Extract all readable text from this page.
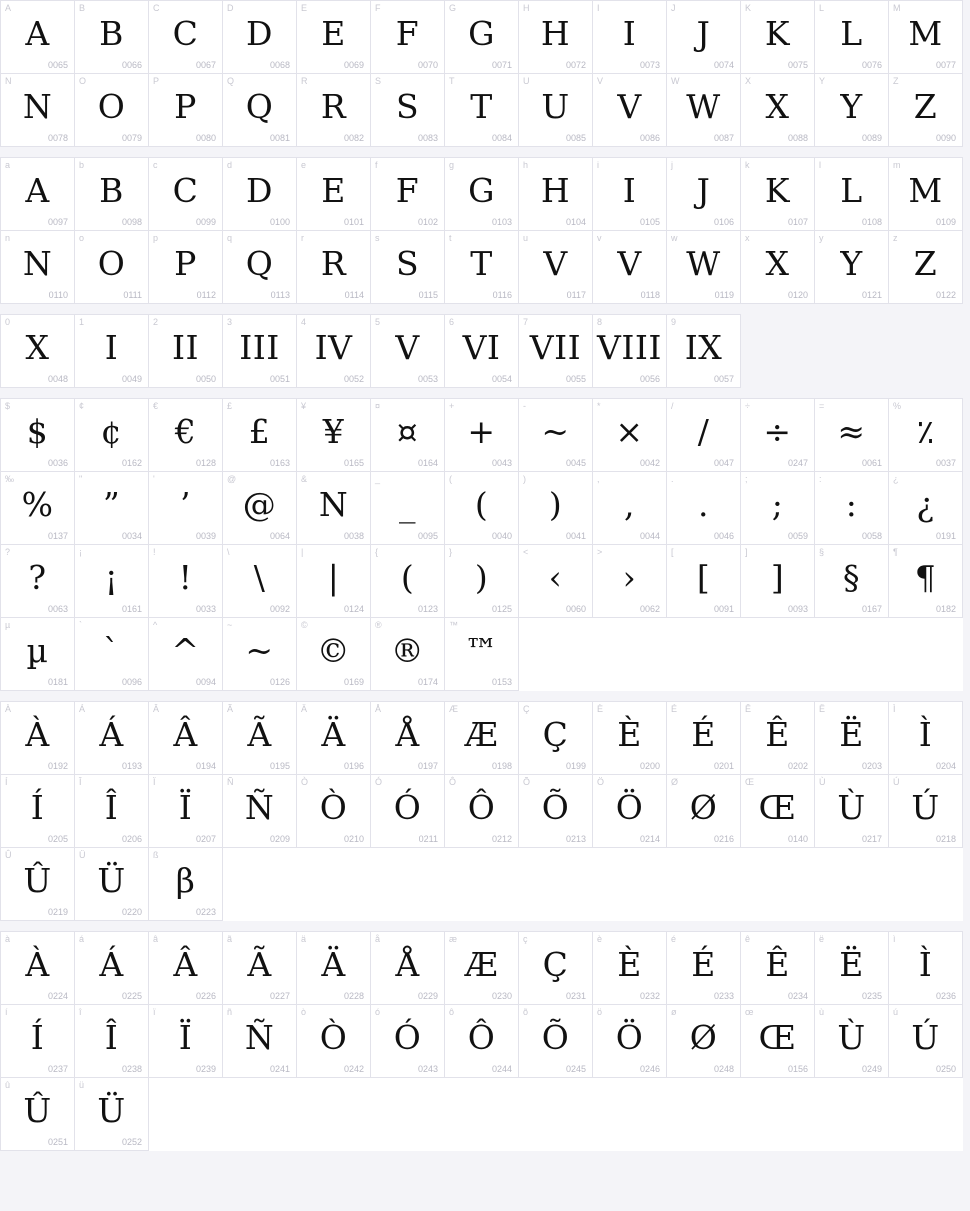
A
A
0065
B
B
0066
C
C
0067
D
D
0068
E
E
0069
F
F
0070
G
G
0071
H
H
0072
I
I
0073
J
J
0074
K
K
0075
L
L
0076
M
M
0077
N
N
0078
O
O
0079
P
P
0080
Q
Q
0081
R
R
0082
S
S
0083
T
T
0084
U
U
0085
V
V
0086
W
W
0087
X
X
0088
Y
Y
0089
Z
Z
0090
a
A
0097
b
B
0098
c
C
0099
d
D
0100
e
E
0101
f
F
0102
g
G
0103
h
H
0104
i
I
0105
j
J
0106
k
K
0107
l
L
0108
m
M
0109
n
N
0110
o
O
0111
p
P
0112
q
Q
0113
r
R
0114
s
S
0115
t
T
0116
u
V
0117
v
V
0118
w
W
0119
x
X
0120
y
Y
0121
z
Z
0122
0
X
0048
1
I
0049
2
II
0050
3
III
0051
4
IV
0052
5
V
0053
6
VI
0054
7
VII
0055
8
VIII
0056
9
IX
0057
$
$
0036
¢
¢
0162
€
€
0128
£
£
0163
¥
¥
0165
¤
¤
0164
+
+
0043
-
~
0045
*
×
0042
/
/
0047
÷
÷
0247
=
≈
0061
%
٪
0037
‰
%
0137
"
”
0034
'
’
0039
@
@
0064
&
N
0038
_
_
0095
(
(
0040
)
)
0041
,
,
0044
.
.
0046
;
;
0059
:
:
0058
¿
¿
0191
?
?
0063
¡
¡
0161
!
!
0033
\
\
0092
|
|
0124
{
(
0123
}
)
0125
<
‹
0060
>
›
0062
[
[
0091
]
]
0093
§
§
0167
¶
¶
0182
µ
µ
0181
`
`
0096
^
^
0094
~
~
0126
©
©
0169
®
®
0174
™
™
0153
À
À
0192
Á
Á
0193
Â
Â
0194
Ã
Ã
0195
Ä
Ä
0196
Å
Å
0197
Æ
Æ
0198
Ç
Ç
0199
È
È
0200
É
É
0201
Ê
Ê
0202
Ë
Ë
0203
Ì
Ì
0204
Í
Í
0205
Î
Î
0206
Ï
Ï
0207
Ñ
Ñ
0209
Ò
Ò
0210
Ó
Ó
0211
Ô
Ô
0212
Õ
Õ
0213
Ö
Ö
0214
Ø
Ø
0216
Œ
Œ
0140
Ù
Ù
0217
Ú
Ú
0218
Û
Û
0219
Ü
Ü
0220
ß
β
0223
à
À
0224
á
Á
0225
â
Â
0226
ã
Ã
0227
ä
Ä
0228
å
Å
0229
æ
Æ
0230
ç
Ç
0231
è
È
0232
é
É
0233
ê
Ê
0234
ë
Ë
0235
ì
Ì
0236
í
Í
0237
î
Î
0238
ï
Ï
0239
ñ
Ñ
0241
ò
Ò
0242
ó
Ó
0243
ô
Ô
0244
õ
Õ
0245
ö
Ö
0246
ø
Ø
0248
œ
Œ
0156
ù
Ù
0249
ú
Ú
0250
û
Û
0251
ü
Ü
0252
